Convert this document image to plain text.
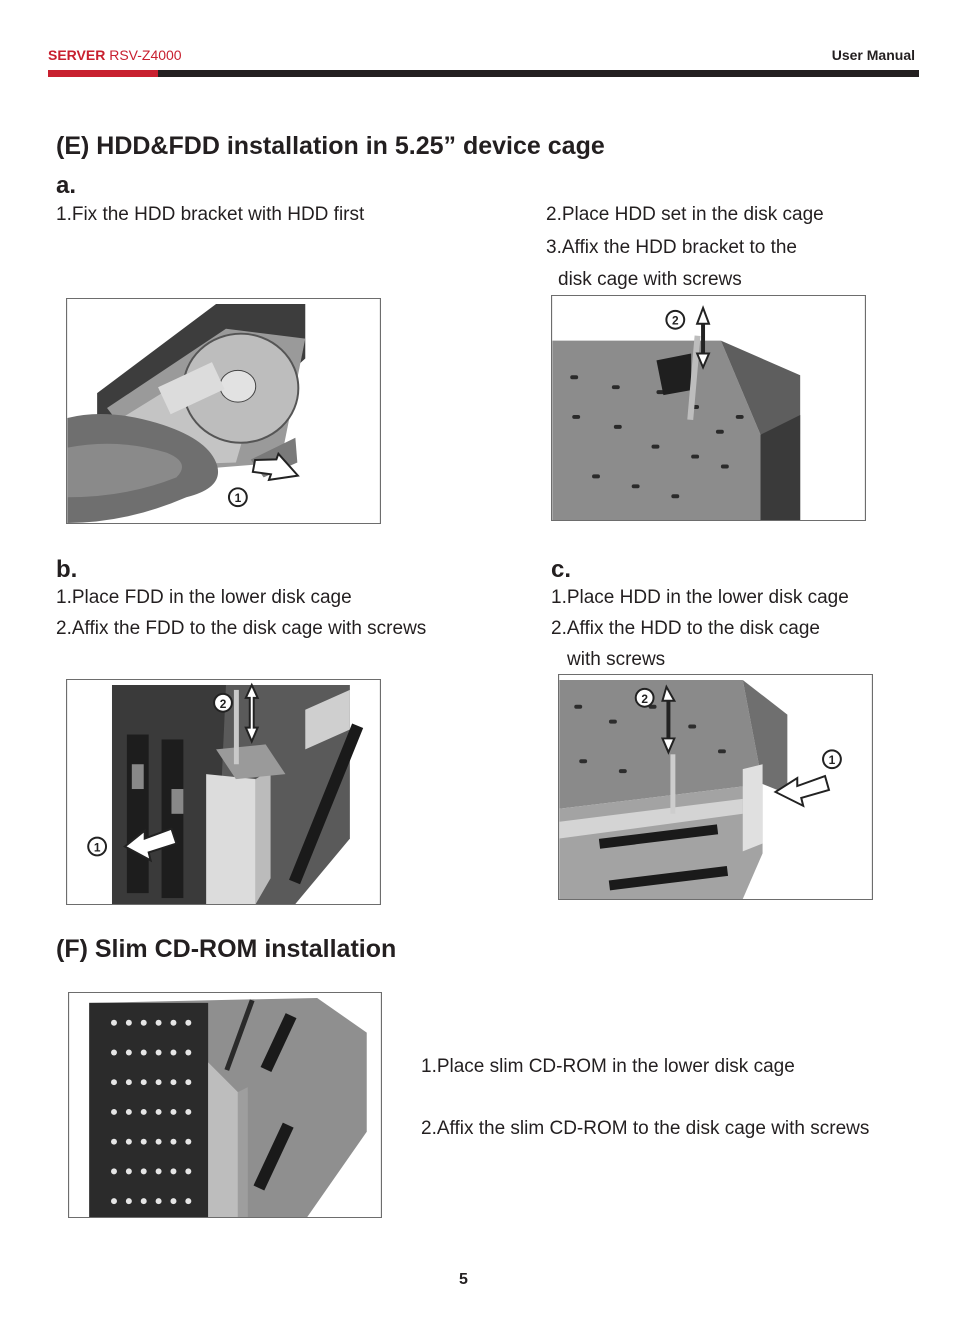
SERVER RSV-Z4000	User Manual
(E) HDD&FDD installation in 5.25” device cage
a.
1.Fix the HDD bracket with HDD first	2.Place HDD set in the disk cage
3.Affix the HDD bracket to the
disk cage with screws
1
2
b.
1.Place FDD in the lower disk cage
2.Affix the FDD to the disk cage with screws
c.
1.Place HDD in the lower disk cage
2.Affix the HDD to the disk cage
with screws
2
1
2
1
(F) Slim CD-ROM installation
1.Place slim CD-ROM in the lower disk cage
2.Affix the slim CD-ROM to the disk cage with screws
5
